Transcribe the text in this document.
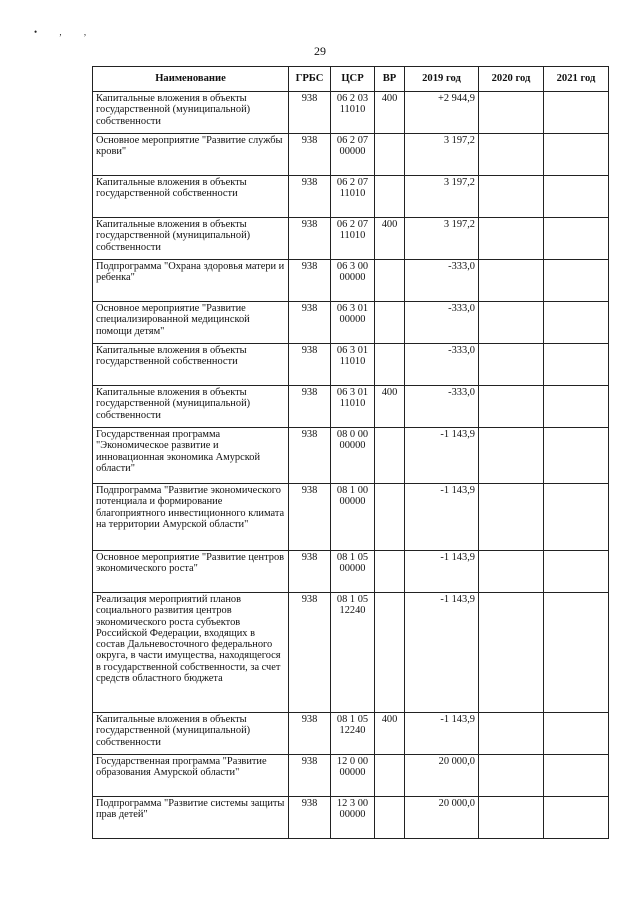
• , ,
29
Наименование	ГРБС	ЦСР	ВР	2019 год	2020 год	2021 год
Капитальные вложения в объекты государственной (муниципальной) собственности	938	06 2 03 11010	400	+2 944,9		
Основное мероприятие "Развитие службы крови"	938	06 2 07 00000		3 197,2		
Капитальные вложения в объекты государственной собственности	938	06 2 07 11010		3 197,2		
Капитальные вложения в объекты государственной (муниципальной) собственности	938	06 2 07 11010	400	3 197,2		
Подпрограмма "Охрана здоровья матери и ребенка"	938	06 3 00 00000		-333,0		
Основное мероприятие "Развитие специализированной медицинской помощи детям"	938	06 3 01 00000		-333,0		
Капитальные вложения в объекты государственной собственности	938	06 3 01 11010		-333,0		
Капитальные вложения в объекты государственной (муниципальной) собственности	938	06 3 01 11010	400	-333,0		
Государственная программа "Экономическое развитие и инновационная экономика Амурской области"	938	08 0 00 00000		-1 143,9		
Подпрограмма "Развитие экономического потенциала и формирование благоприятного инвестиционного климата на территории Амурской области"	938	08 1 00 00000		-1 143,9		
Основное мероприятие "Развитие центров экономического роста"	938	08 1 05 00000		-1 143,9		
Реализация мероприятий планов социального развития центров экономического роста субъектов Российской Федерации, входящих в состав Дальневосточного федерального округа, в части имущества, находящегося в государственной собственности, за счет средств областного бюджета	938	08 1 05 12240		-1 143,9		
Капитальные вложения в объекты государственной (муниципальной) собственности	938	08 1 05 12240	400	-1 143,9		
Государственная программа "Развитие образования Амурской области"	938	12 0 00 00000		20 000,0		
Подпрограмма "Развитие системы защиты прав детей"	938	12 3 00 00000		20 000,0		
